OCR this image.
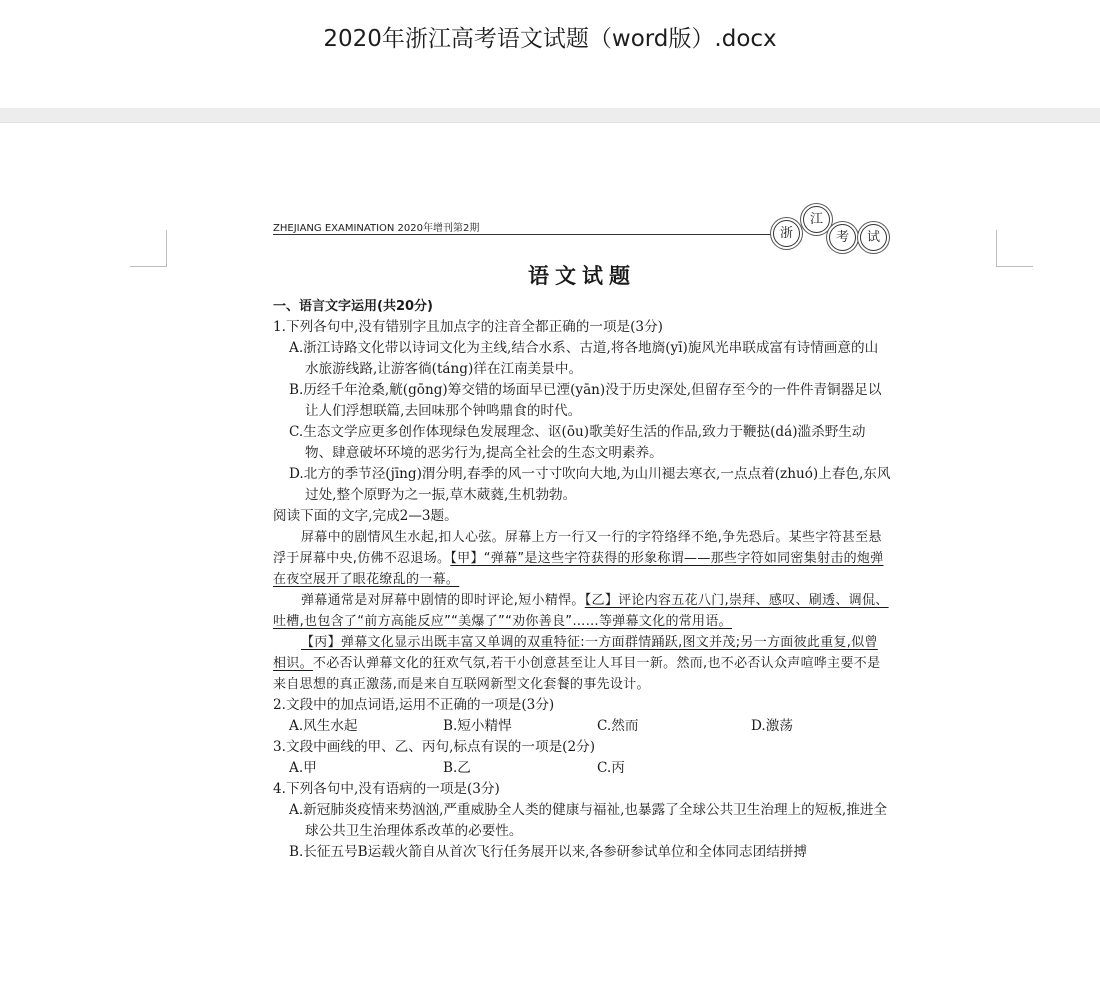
2020年浙江高考语文试题（word版）.docx
ZHEJIANG EXAMINATION 2020年增刊第2期	浙
江
考	试
语文试题
一、语言文字运用(共20分)
1.下列各句中,没有错别字且加点字的注音全都正确的一项是(3分)
A.浙江诗路文化带以诗词文化为主线,结合水系、古道,将各地旖(yī)旎风光串联成富有诗情画意的山水旅游线路,让游客徜(táng)徉在江南美景中。
B.历经千年沧桑,觥(gōng)筹交错的场面早已湮(yān)没于历史深处,但留存至今的一件件青铜器足以让人们浮想联篇,去回味那个钟鸣鼎食的时代。
C.生态文学应更多创作体现绿色发展理念、讴(ōu)歌美好生活的作品,致力于鞭挞(dá)滥杀野生动物、肆意破坏环境的恶劣行为,提高全社会的生态文明素养。
D.北方的季节泾(jīng)渭分明,春季的风一寸寸吹向大地,为山川褪去寒衣,一点点着(zhuó)上春色,东风过处,整个原野为之一振,草木葳蕤,生机勃勃。
阅读下面的文字,完成2—3题。
屏幕中的剧情风生水起,扣人心弦。屏幕上方一行又一行的字符络绎不绝,争先恐后。某些字符甚至悬浮于屏幕中央,仿佛不忍退场。【甲】“弹幕”是这些字符获得的形象称谓——那些字符如同密集射击的炮弹在夜空展开了眼花缭乱的一幕。
弹幕通常是对屏幕中剧情的即时评论,短小精悍。【乙】评论内容五花八门,崇拜、感叹、刷透、调侃、吐槽,也包含了“前方高能反应”“美爆了”“劝你善良”……等弹幕文化的常用语。
【丙】弹幕文化显示出既丰富又单调的双重特征:一方面群情踊跃,图文并茂;另一方面彼此重复,似曾相识。不必否认弹幕文化的狂欢气氛,若干小创意甚至让人耳目一新。然而,也不必否认众声喧哗主要不是来自思想的真正激荡,而是来自互联网新型文化套餐的事先设计。
2.文段中的加点词语,运用不正确的一项是(3分)
A.风生水起	B.短小精悍	C.然而	D.激荡
3.文段中画线的甲、乙、丙句,标点有误的一项是(2分)
A.甲	B.乙	C.丙
4.下列各句中,没有语病的一项是(3分)
A.新冠肺炎疫情来势汹汹,严重威胁全人类的健康与福祉,也暴露了全球公共卫生治理上的短板,推进全球公共卫生治理体系改革的必要性。
B.长征五号B运载火箭自从首次飞行任务展开以来,各参研参试单位和全体同志团结拼搏
